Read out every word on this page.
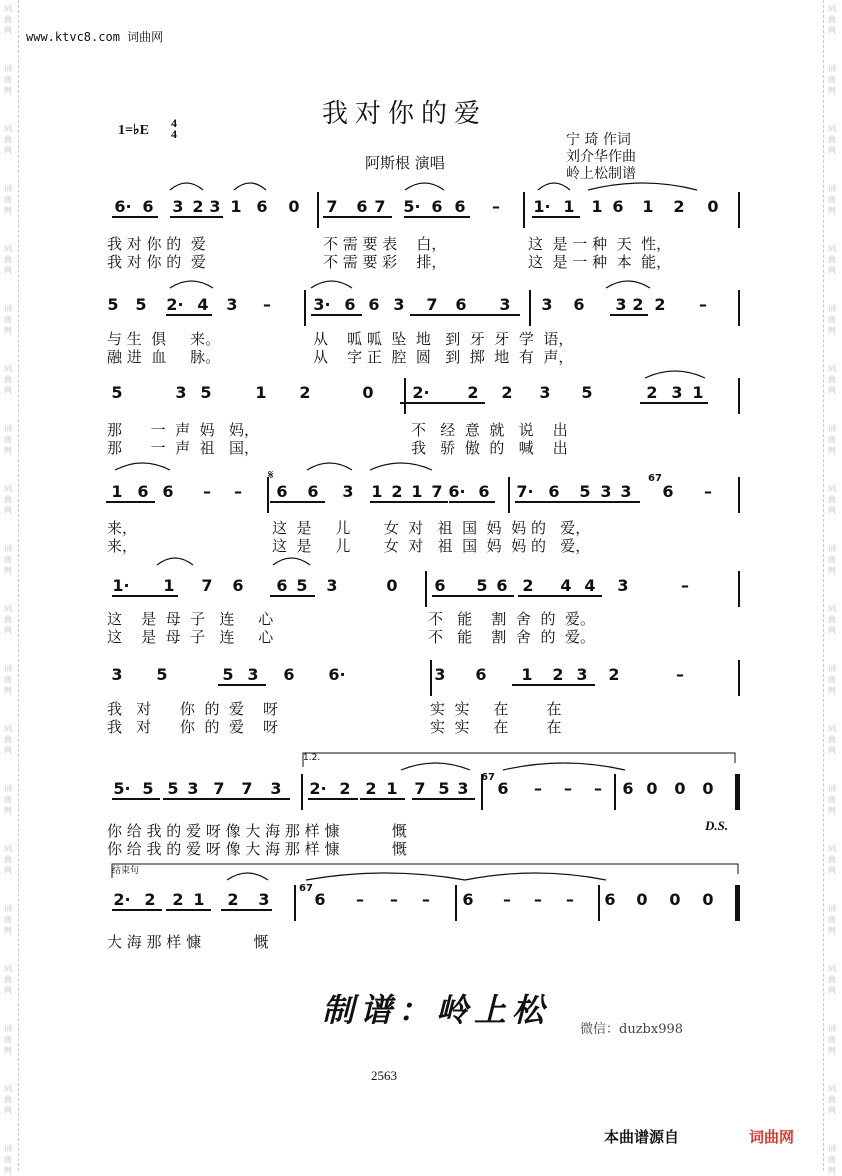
词
曲
网
词
曲
网
词
曲
网
词
曲
网
词
曲
网
词
曲
网
词
曲
网
词
曲
网
词
曲
网
词
曲
网
词
曲
网
词
曲
网
词
曲
网
词
曲
网
词
曲
网
词
曲
网
词
曲
网
词
曲
网
词
曲
网
词
曲
网
词
曲
网
词
曲
网
词
曲
网
词
曲
网
词
曲
网
词
曲
网
词
曲
网
词
曲
网
词
曲
网
词
曲
网
词
曲
网
词
曲
网
词
曲
网
词
曲
网
词
曲
网
词
曲
网
词
曲
网
词
曲
网
词
曲
网
词
曲
网
www.ktvc8.com 词曲网
我对你的爱
1=♭E 4
4
阿斯根 演唱
宁 琦 作词
刘介华作曲
岭上松制谱
6· 6 3 2 3 1 6 0 7 6 7 5· 6 6 – 1· 1 1 6 1 2 0
我 对 你 的  爱	不 需 要 表    白，	这  是 一 种  天  性，
我 对 你 的  爱	不 需 要 彩    排，	这  是 一 种  本  能，
5 5 2· 4 3 –	3· 6 6 3 7 6 3 3 6 3 2 2 –
与 生  俱     来。	从    呱 呱  坠  地   到  牙  牙  学  语，
融 进  血     脉。	从    字 正  腔  圆   到  掷  地  有  声，
5	3 5	1 2	0 2· 2 2 3 5	2 3 1
那      一  声  妈   妈，	不   经  意  就   说    出
那      一  声  祖   国，	我   骄  傲  的   喊    出
1 6 6 – – 6 6 3 1 2 1 7 6· 6 7· 6 5 3 3 6 –
来，	这  是     儿       女  对   祖  国  妈  妈 的   爱，
来，	这  是     儿       女  对   祖  国  妈  妈 的   爱，
1· 1 7 6 6 5 3	0 6 5 6 2 4 4 3	–
这    是  母  子   连     心	不   能    割  舍  的  爱。
这    是  母  子   连     心	不   能    割  舍  的  爱。
3 5	5 3 6 6·	3 6 1 2 3 2	–
我   对      你  的  爱    呀	实  实     在        在
我   对      你  的  爱    呀	实  实     在        在
5· 5 5 3 7 7 3 2· 2 2 1 7 5 3 6 – – – 6 0 0 0
你 给 我 的 爱 呀 像 大 海 那 样 慷           慨
你 给 我 的 爱 呀 像 大 海 那 样 慷           慨
2· 2 2 1 2 3	6 – – – 6 – – – 6 0 0 0
大 海 那 样 慷           慨
67
67
67
D.S.
1.2.
结束句
𝄋
制谱：岭上松
微信：duzbx998
2563
本曲谱源自	词曲网
